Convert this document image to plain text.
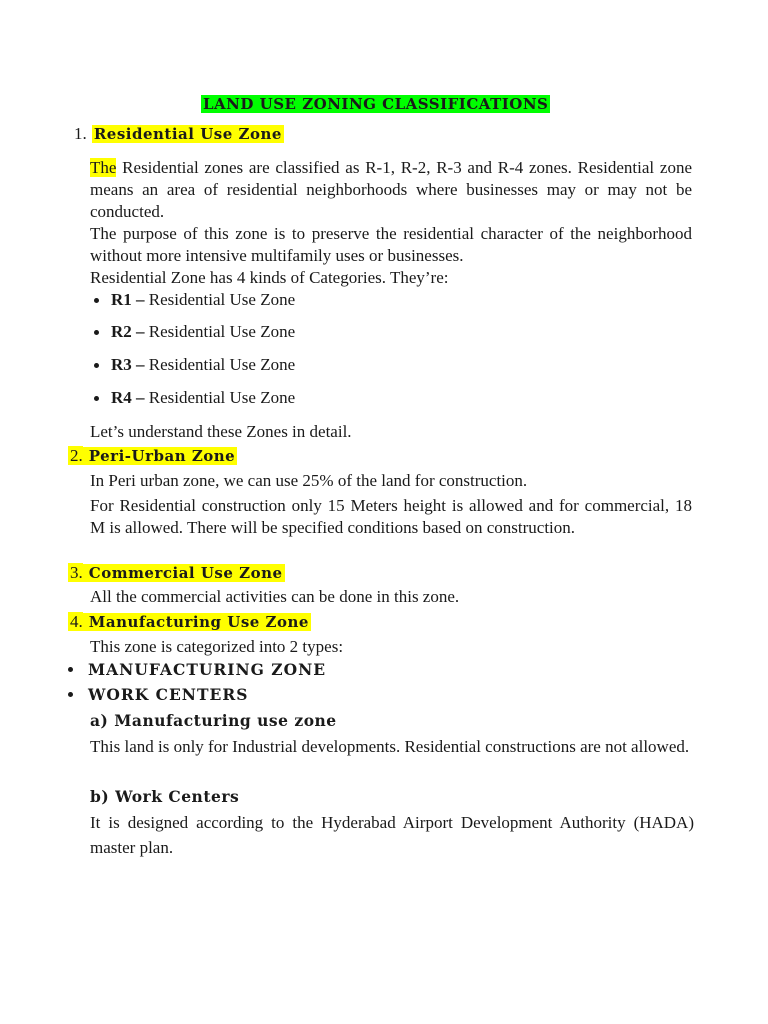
LAND USE ZONING CLASSIFICATIONS
1. Residential Use Zone
The Residential zones are classified as R-1, R-2, R-3 and R-4 zones. Residential zone means an area of residential neighborhoods where businesses may or may not be conducted.
The purpose of this zone is to preserve the residential character of the neighborhood without more intensive multifamily uses or businesses.
Residential Zone has 4 kinds of Categories. They’re:
R1 – Residential Use Zone
R2 – Residential Use Zone
R3 – Residential Use Zone
R4 – Residential Use Zone
Let’s understand these Zones in detail.
2. Peri-Urban Zone
In Peri urban zone, we can use 25% of the land for construction.
For Residential construction only 15 Meters height is allowed and for commercial, 18 M is allowed. There will be specified conditions based on construction.
3. Commercial Use Zone
All the commercial activities can be done in this zone.
4. Manufacturing Use Zone
This zone is categorized into 2 types:
MANUFACTURING ZONE
WORK CENTERS
a) Manufacturing use zone
This land is only for Industrial developments. Residential constructions are not allowed.
b) Work Centers
It is designed according to the Hyderabad Airport Development Authority (HADA) master plan.
